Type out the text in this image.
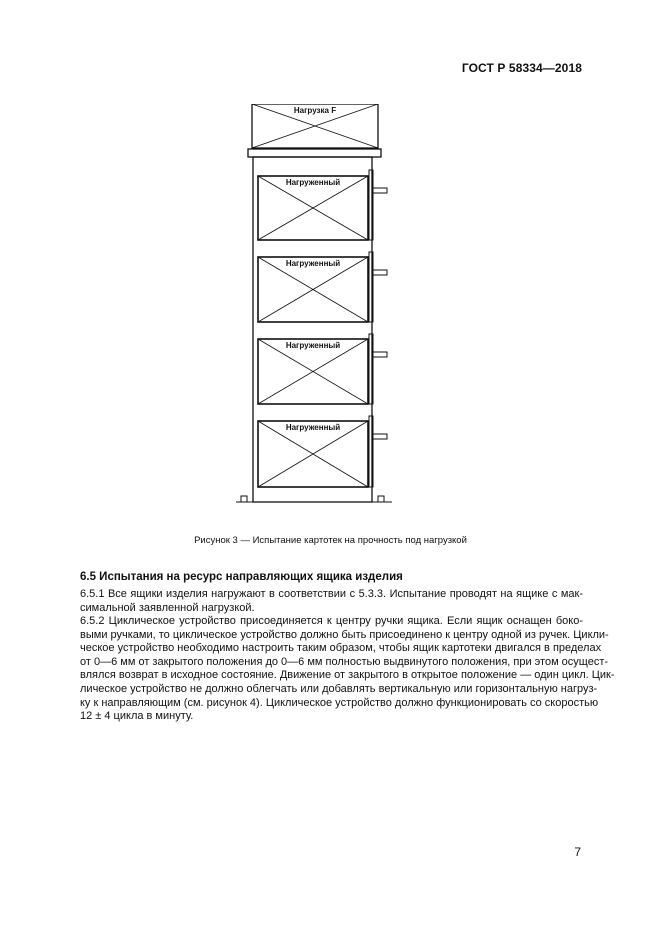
ГОСТ Р 58334—2018
Нагрузка F
Нагруженный
Нагруженный
Нагруженный
Нагруженный
Рисунок 3 — Испытание картотек на прочность под нагрузкой
6.5 Испытания на ресурс направляющих ящика изделия
6.5.1 Все ящики изделия нагружают в соответствии с 5.3.3. Испытание проводят на ящике с мак-
симальной заявленной нагрузкой.
6.5.2 Циклическое устройство присоединяется к центру ручки ящика. Если ящик оснащен боко-
выми ручками, то циклическое устройство должно быть присоединено к центру одной из ручек. Цикли-
ческое устройство необходимо настроить таким образом, чтобы ящик картотеки двигался в пределах
от 0—6 мм от закрытого положения до 0—6 мм полностью выдвинутого положения, при этом осущест-
влялся возврат в исходное состояние. Движение от закрытого в открытое положение — один цикл. Цик-
лическое устройство не должно облегчать или добавлять вертикальную или горизонтальную нагруз-
ку к направляющим (см. рисунок 4). Циклическое устройство должно функционировать со скоростью
12 ± 4 цикла в минуту.
7
